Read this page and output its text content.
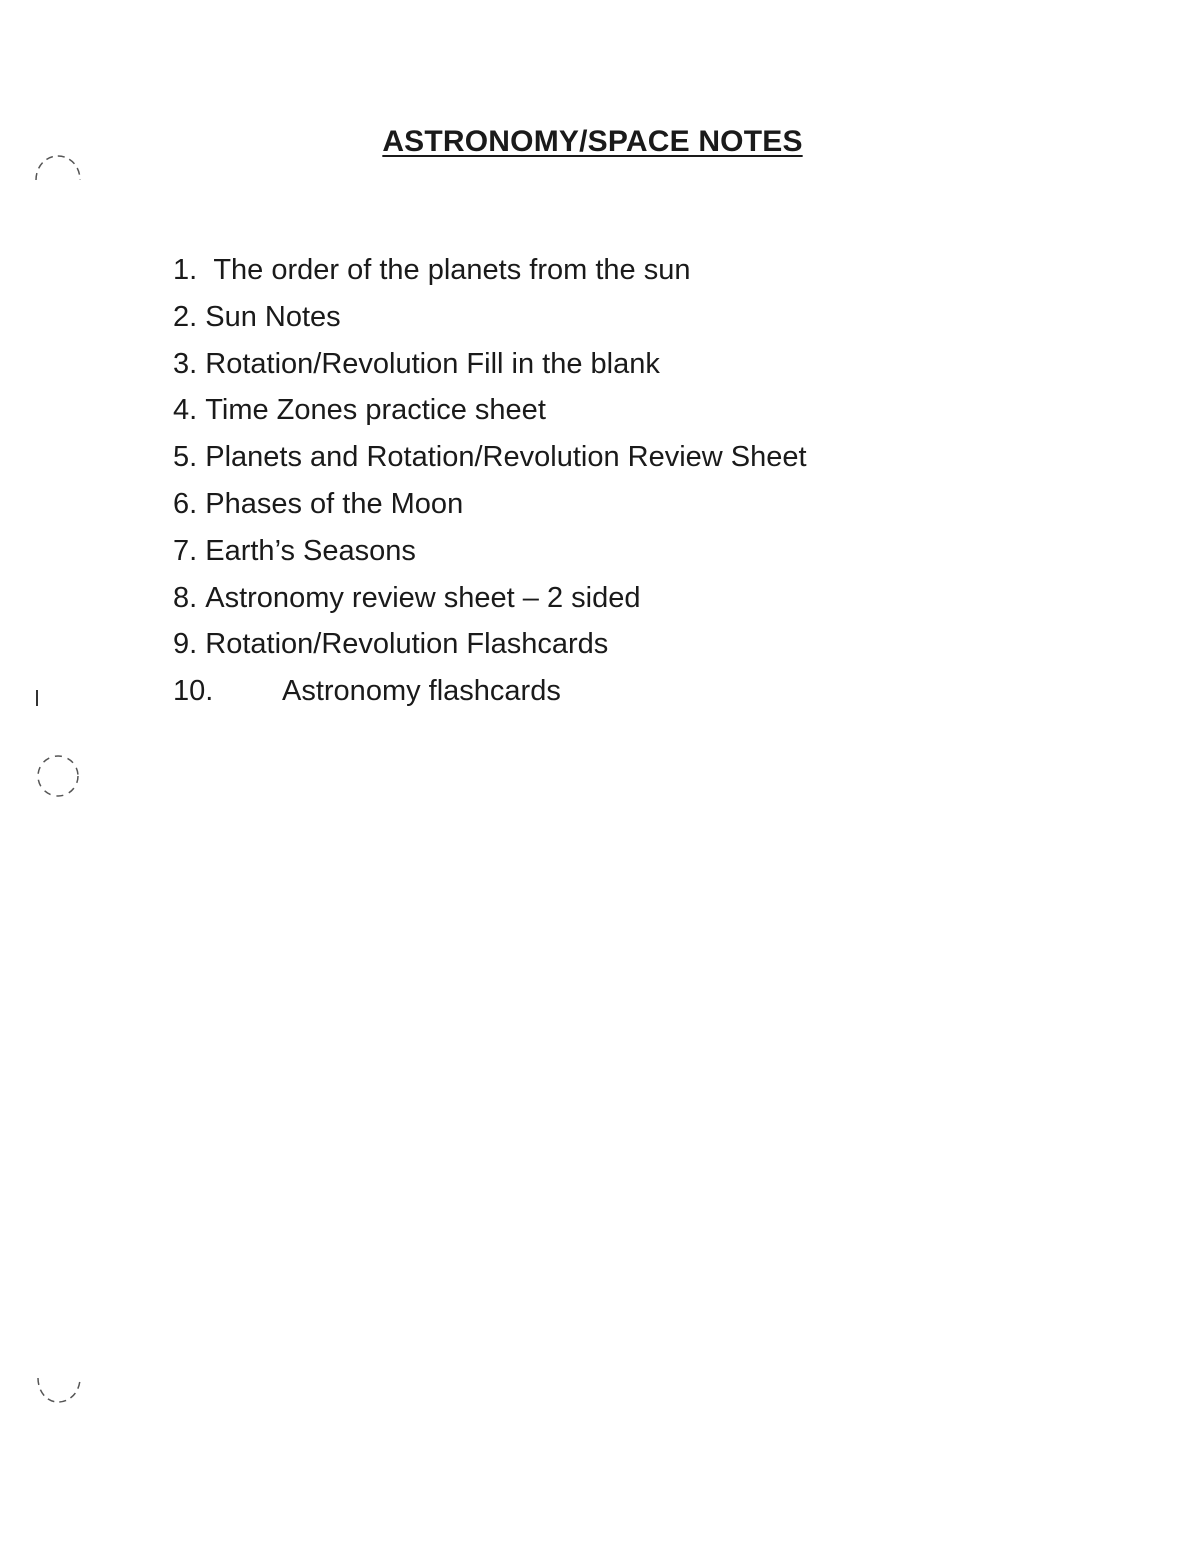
ASTRONOMY/SPACE NOTES
1. The order of the planets from the sun
2. Sun Notes
3. Rotation/Revolution Fill in the blank
4. Time Zones practice sheet
5. Planets and Rotation/Revolution Review Sheet
6. Phases of the Moon
7. Earth’s Seasons
8. Astronomy review sheet – 2 sided
9. Rotation/Revolution Flashcards
10. Astronomy flashcards
